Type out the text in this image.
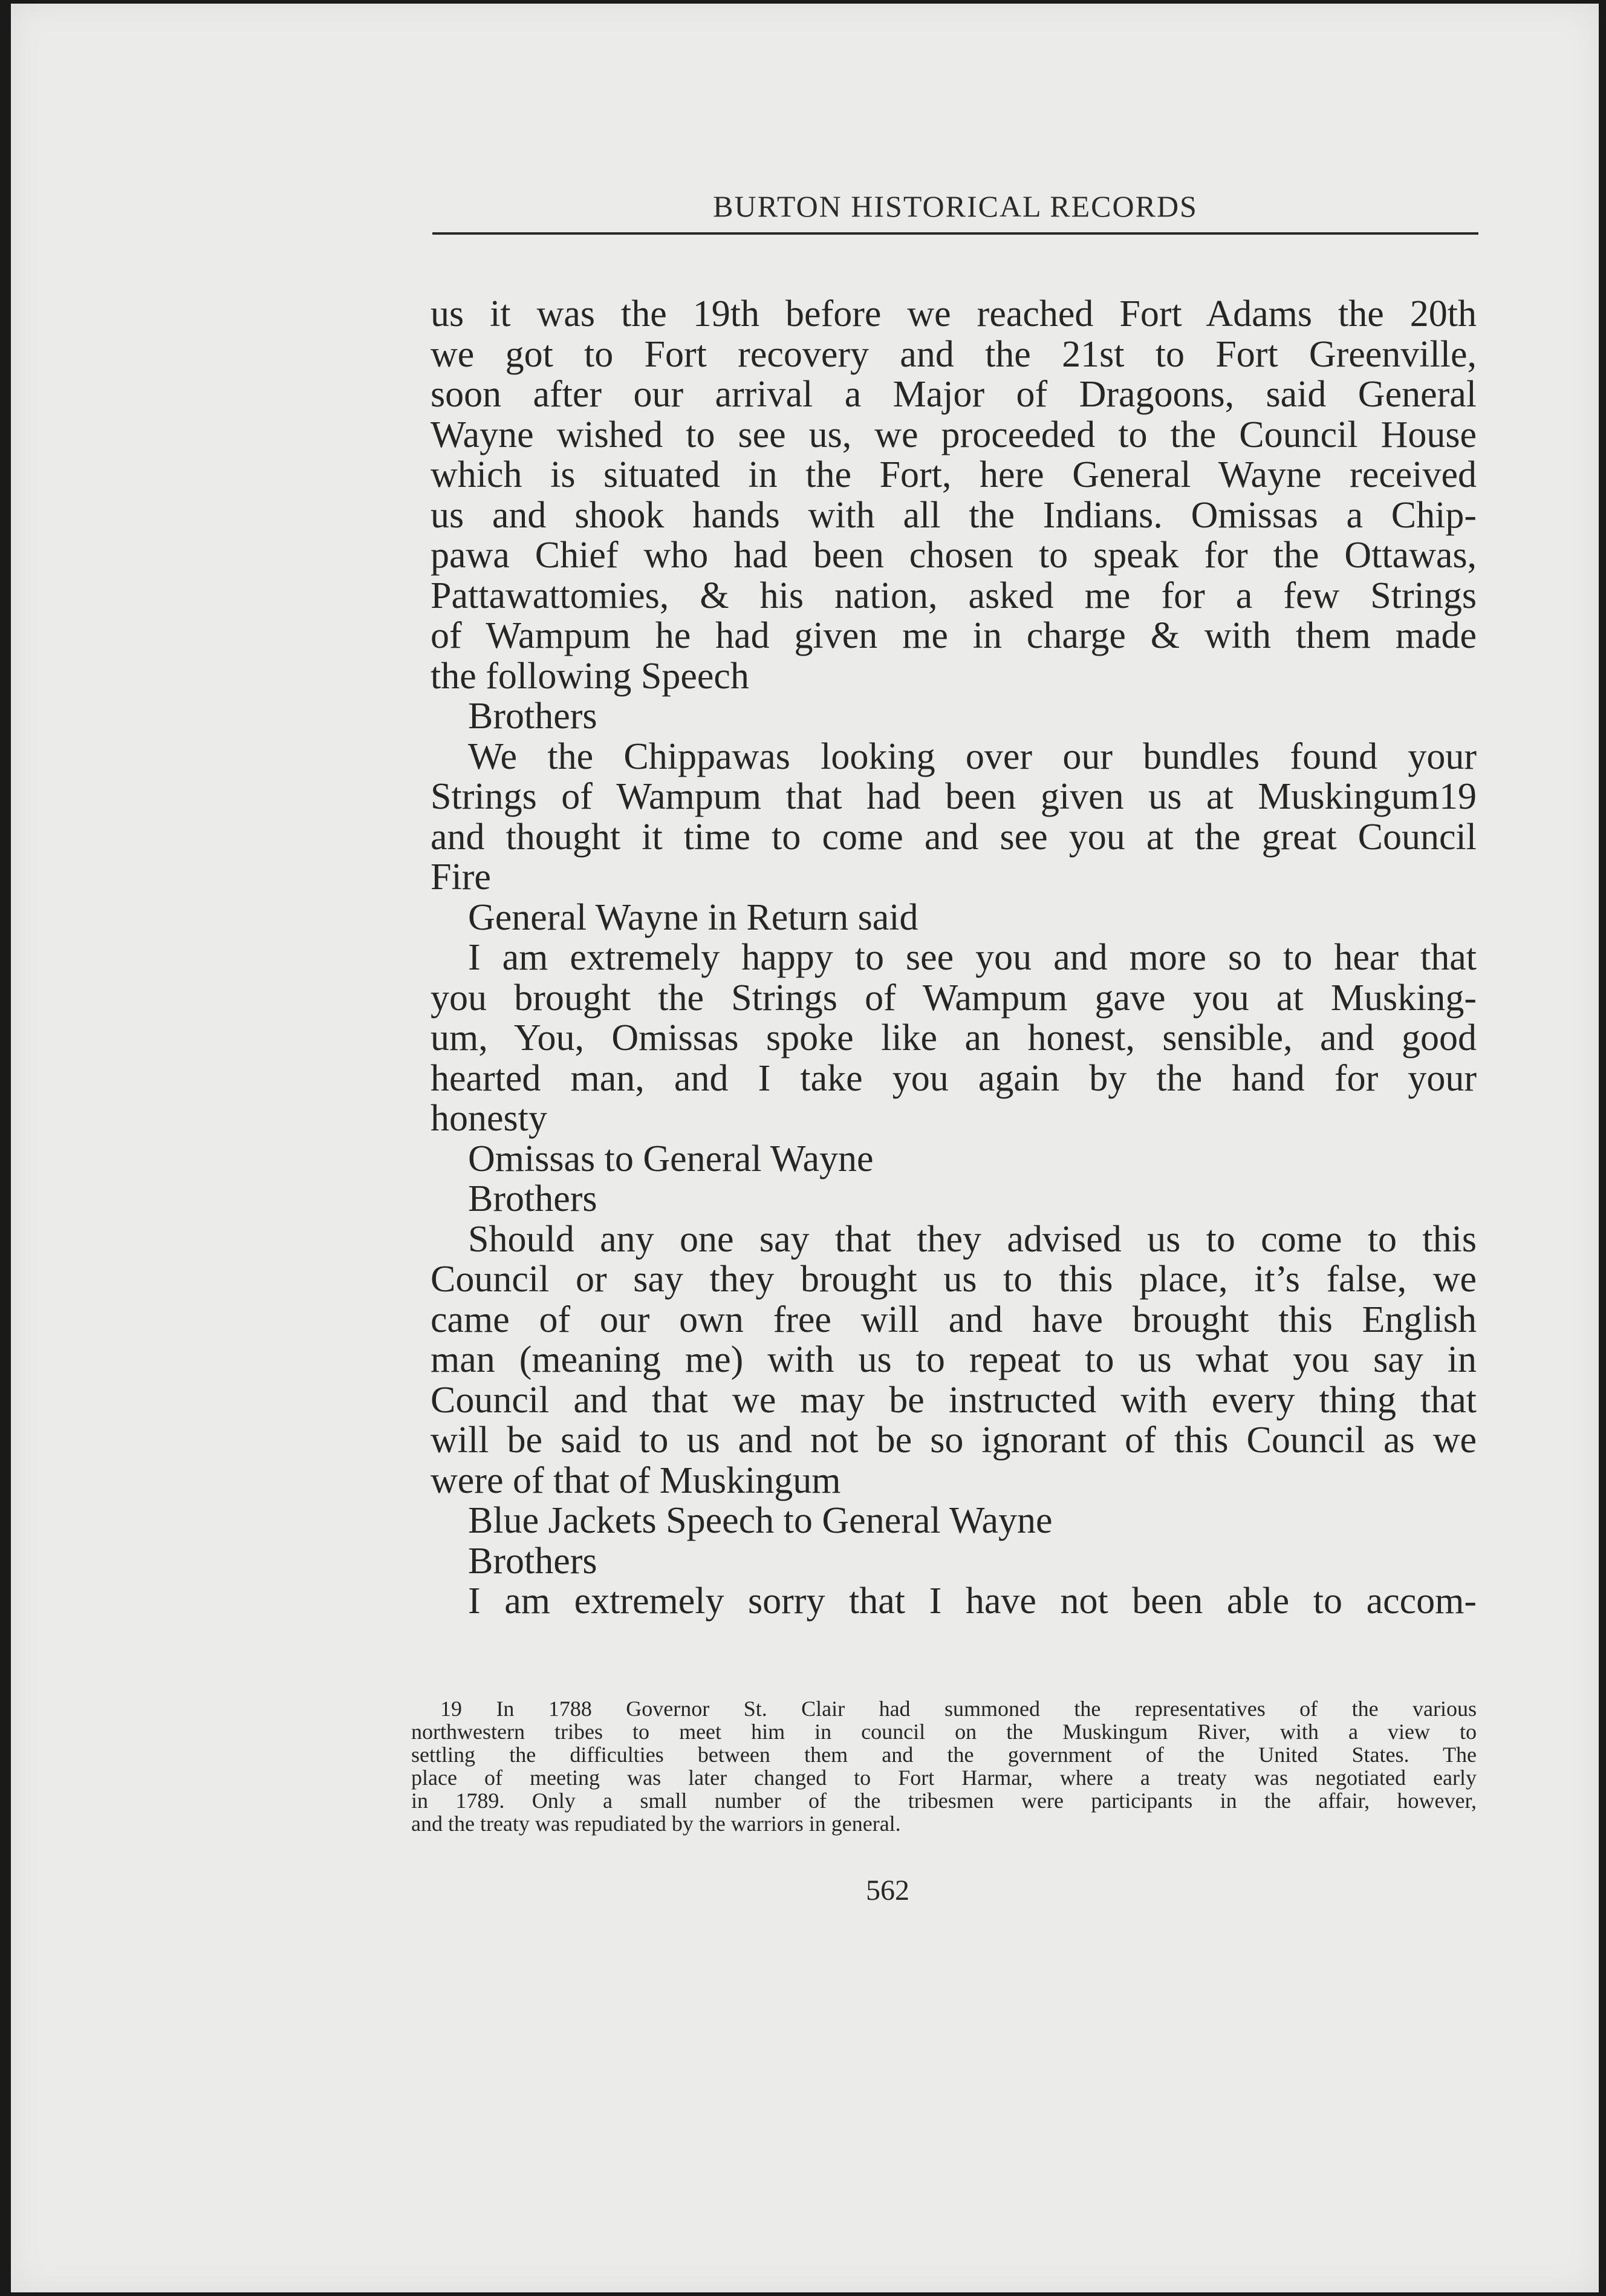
BURTON HISTORICAL RECORDS
us it was the 19th before we reached Fort Adams the 20th
we got to Fort recovery and the 21st to Fort Greenville,
soon after our arrival a Major of Dragoons, said General
Wayne wished to see us, we proceeded to the Council House
which is situated in the Fort, here General Wayne received
us and shook hands with all the Indians. Omissas a Chip-
pawa Chief who had been chosen to speak for the Ottawas,
Pattawattomies, & his nation, asked me for a few Strings
of Wampum he had given me in charge & with them made
the following Speech
Brothers
We the Chippawas looking over our bundles found your
Strings of Wampum that had been given us at Muskingum19
and thought it time to come and see you at the great Council
Fire
General Wayne in Return said
I am extremely happy to see you and more so to hear that
you brought the Strings of Wampum gave you at Musking-
um, You, Omissas spoke like an honest, sensible, and good
hearted man, and I take you again by the hand for your
honesty
Omissas to General Wayne
Brothers
Should any one say that they advised us to come to this
Council or say they brought us to this place, it’s false, we
came of our own free will and have brought this English
man (meaning me) with us to repeat to us what you say in
Council and that we may be instructed with every thing that
will be said to us and not be so ignorant of this Council as we
were of that of Muskingum
Blue Jackets Speech to General Wayne
Brothers
I am extremely sorry that I have not been able to accom-
19 In 1788 Governor St. Clair had summoned the representatives of the various
northwestern tribes to meet him in council on the Muskingum River, with a view to
settling the difficulties between them and the government of the United States. The
place of meeting was later changed to Fort Harmar, where a treaty was negotiated early
in 1789. Only a small number of the tribesmen were participants in the affair, however,
and the treaty was repudiated by the warriors in general.
562
